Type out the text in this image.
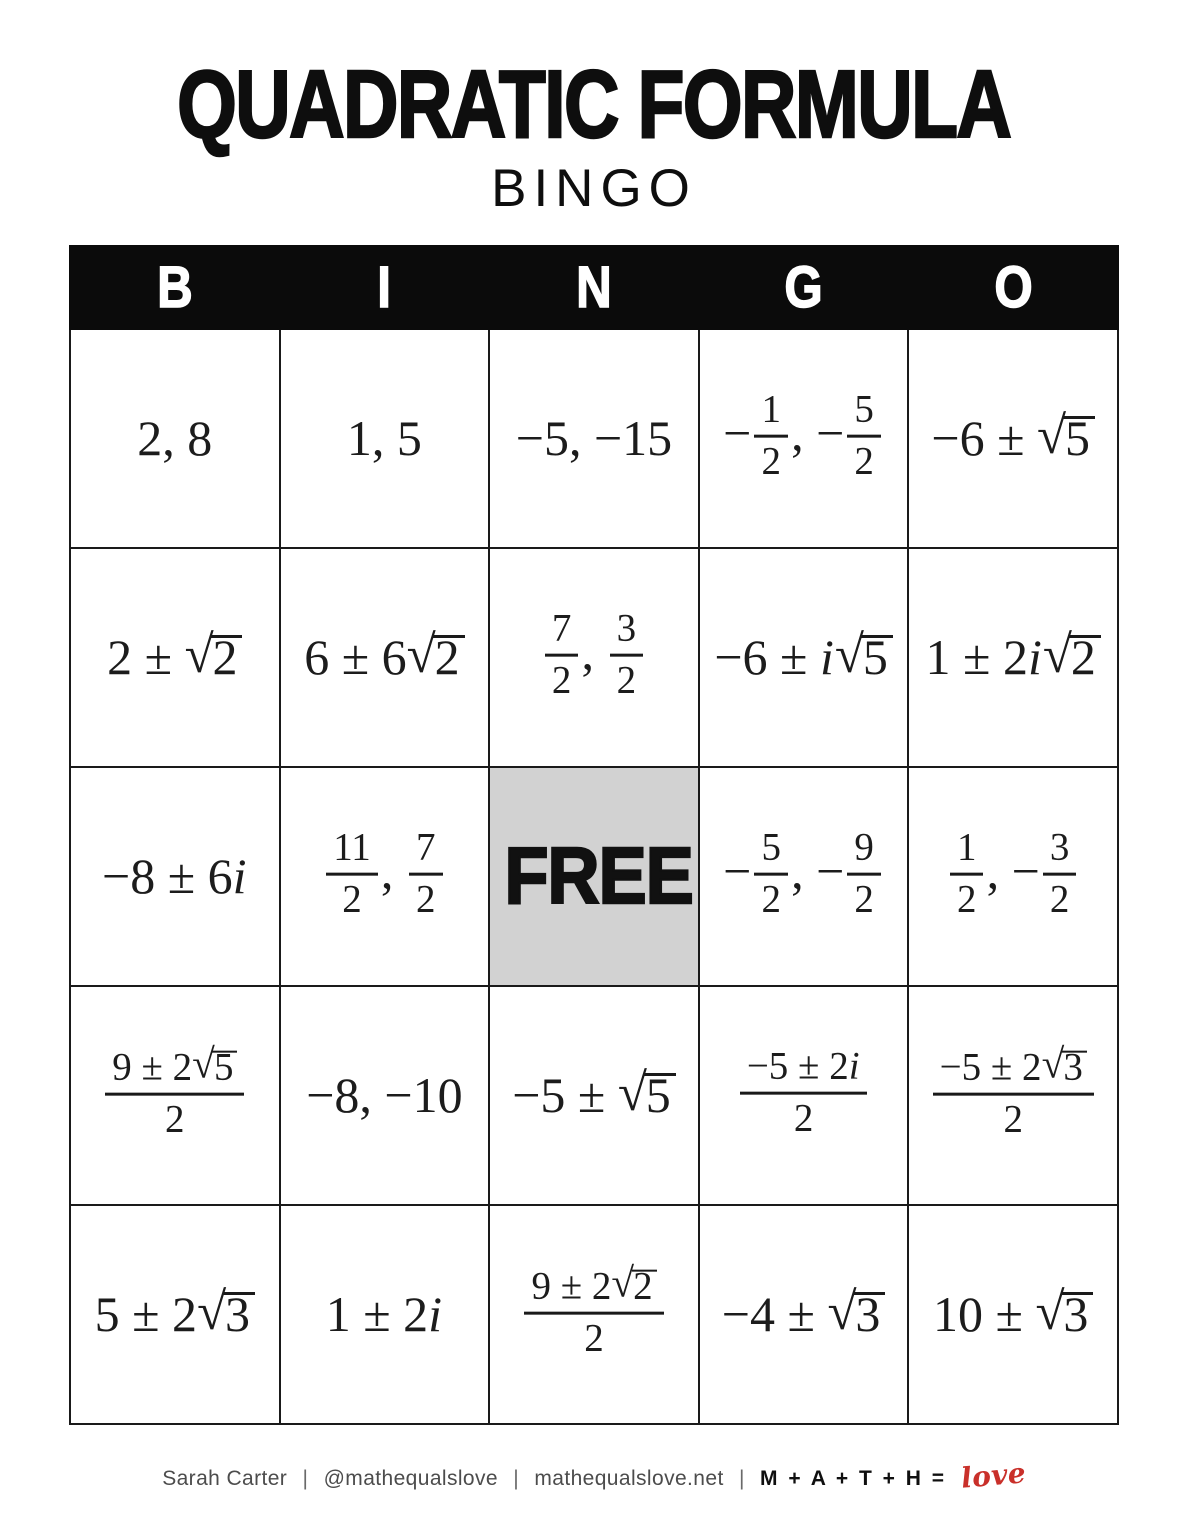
QUADRATIC FORMULA
BINGO
B	I	N	G	O
2, 8	1, 5	−5, −15	− $\frac{1}{2}$ , − $\frac{5}{2}$	−6 ± √5
2 ± √2	6 ± 6√2	$\frac{7}{2}$ , $\frac{3}{2}$	−6 ± i√5	1 ± 2i√2
−8 ± 6i	$\frac{11}{2}$ , $\frac{7}{2}$	FREE	− $\frac{5}{2}$ , − $\frac{9}{2}$	$\frac{1}{2}$ , − $\frac{3}{2}$

$\frac{9 \pm 2√5}{2}$	−8, −10	−5 ± √5	$\frac{-5 \pm 2i}{2}$	$\frac{-5 \pm 2√3}{2}$

5 ± 2√3	1 ± 2i	$\frac{9 \pm 2√2}{2}$	−4 ± √3	10 ± √3
Sarah Carter | @mathequalslove | mathequalslove.net | M + A + T + H = love
